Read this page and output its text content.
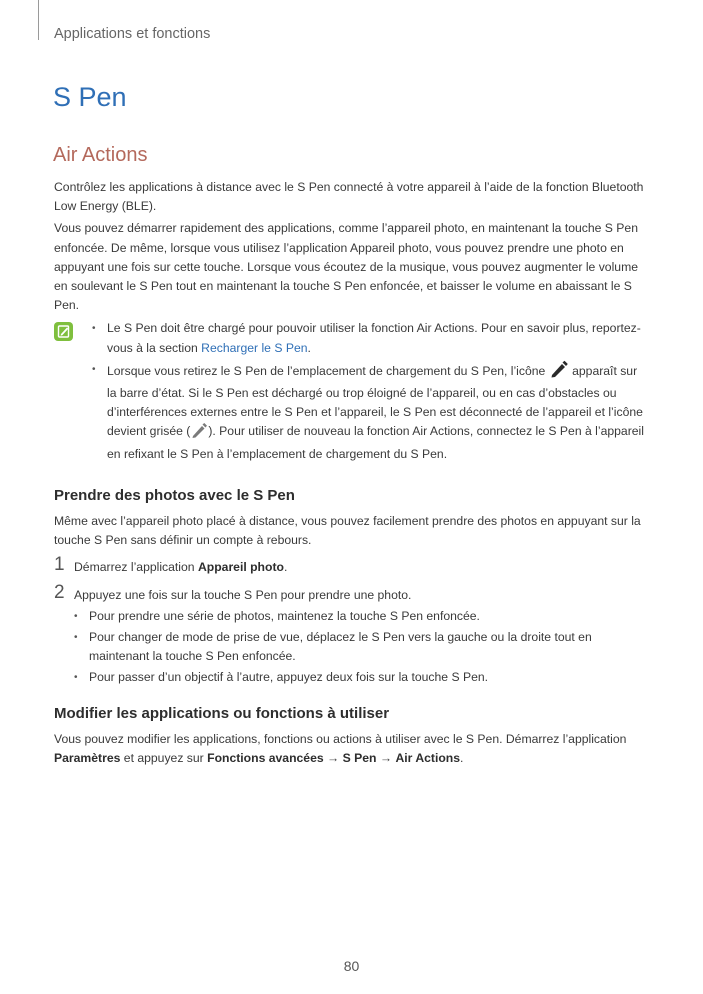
Applications et fonctions
S Pen
Air Actions

Contrôlez les applications à distance avec le S Pen connecté à votre appareil à l’aide de la fonction Bluetooth Low Energy (BLE).

Vous pouvez démarrer rapidement des applications, comme l’appareil photo, en maintenant la touche S Pen enfoncée. De même, lorsque vous utilisez l’application Appareil photo, vous pouvez prendre une photo en appuyant une fois sur cette touche. Lorsque vous écoutez de la musique, vous pouvez augmenter le volume en soulevant le S Pen tout en maintenant la touche S Pen enfoncée, et baisser le volume en abaissant le S Pen.

• Le S Pen doit être chargé pour pouvoir utiliser la fonction Air Actions. Pour en savoir plus, reportez-vous à la section Recharger le S Pen.
• Lorsque vous retirez le S Pen de l’emplacement de chargement du S Pen, l’icône  apparaît sur la barre d’état. Si le S Pen est déchargé ou trop éloigné de l’appareil, ou en cas d’obstacles ou d’interférences externes entre le S Pen et l’appareil, le S Pen est déconnecté de l’appareil et l’icône devient grisée ( ). Pour utiliser de nouveau la fonction Air Actions, connectez le S Pen à l’appareil en refixant le S Pen à l’emplacement de chargement du S Pen.
Prendre des photos avec le S Pen

Même avec l’appareil photo placé à distance, vous pouvez facilement prendre des photos en appuyant sur la touche S Pen sans définir un compte à rebours.

1 Démarrez l’application Appareil photo.
2 Appuyez une fois sur la touche S Pen pour prendre une photo.
• Pour prendre une série de photos, maintenez la touche S Pen enfoncée.
• Pour changer de mode de prise de vue, déplacez le S Pen vers la gauche ou la droite tout en maintenant la touche S Pen enfoncée.
• Pour passer d’un objectif à l’autre, appuyez deux fois sur la touche S Pen.
Modifier les applications ou fonctions à utiliser

Vous pouvez modifier les applications, fonctions ou actions à utiliser avec le S Pen. Démarrez l’application Paramètres et appuyez sur Fonctions avancées → S Pen → Air Actions.

80
